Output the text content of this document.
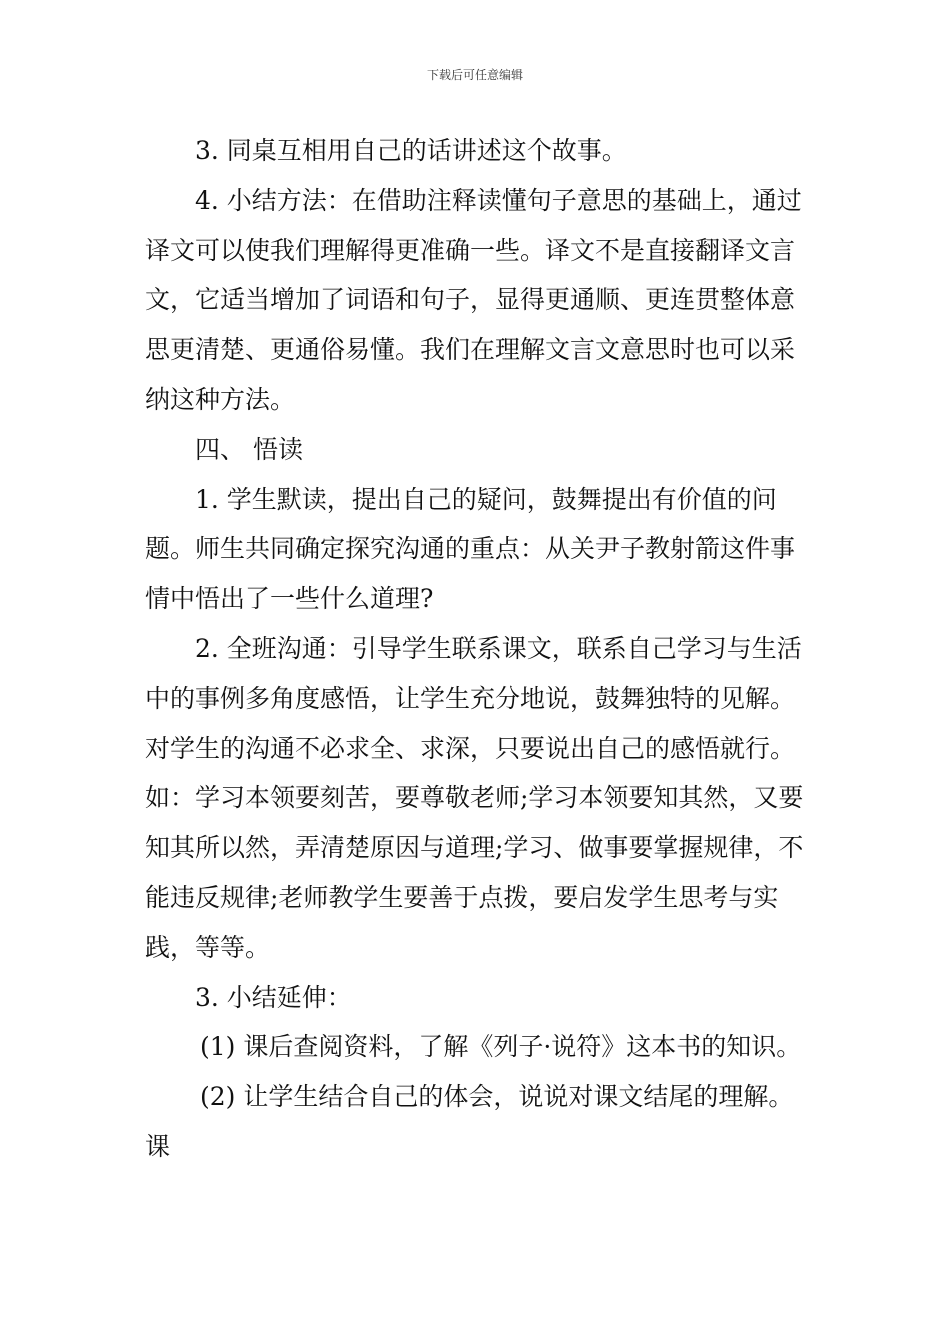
下载后可任意编辑

3. 同桌互相用自己的话讲述这个故事。

4. 小结方法：在借助注释读懂句子意思的基础上，通过译文可以使我们理解得更准确一些。译文不是直接翻译文言文，它适当增加了词语和句子，显得更通顺、更连贯整体意思更清楚、更通俗易懂。我们在理解文言文意思时也可以采纳这种方法。

四、 悟读

1. 学生默读，提出自己的疑问，鼓舞提出有价值的问题。师生共同确定探究沟通的重点：从关尹子教射箭这件事情中悟出了一些什么道理?

2. 全班沟通：引导学生联系课文，联系自己学习与生活中的事例多角度感悟，让学生充分地说，鼓舞独特的见解。对学生的沟通不必求全、求深，只要说出自己的感悟就行。如：学习本领要刻苦，要尊敬老师;学习本领要知其然，又要知其所以然，弄清楚原因与道理;学习、做事要掌握规律，不能违反规律;老师教学生要善于点拨，要启发学生思考与实践，等等。

3. 小结延伸：

(1) 课后查阅资料，了解《列子·说符》这本书的知识。

(2) 让学生结合自己的体会，说说对课文结尾的理解。课
